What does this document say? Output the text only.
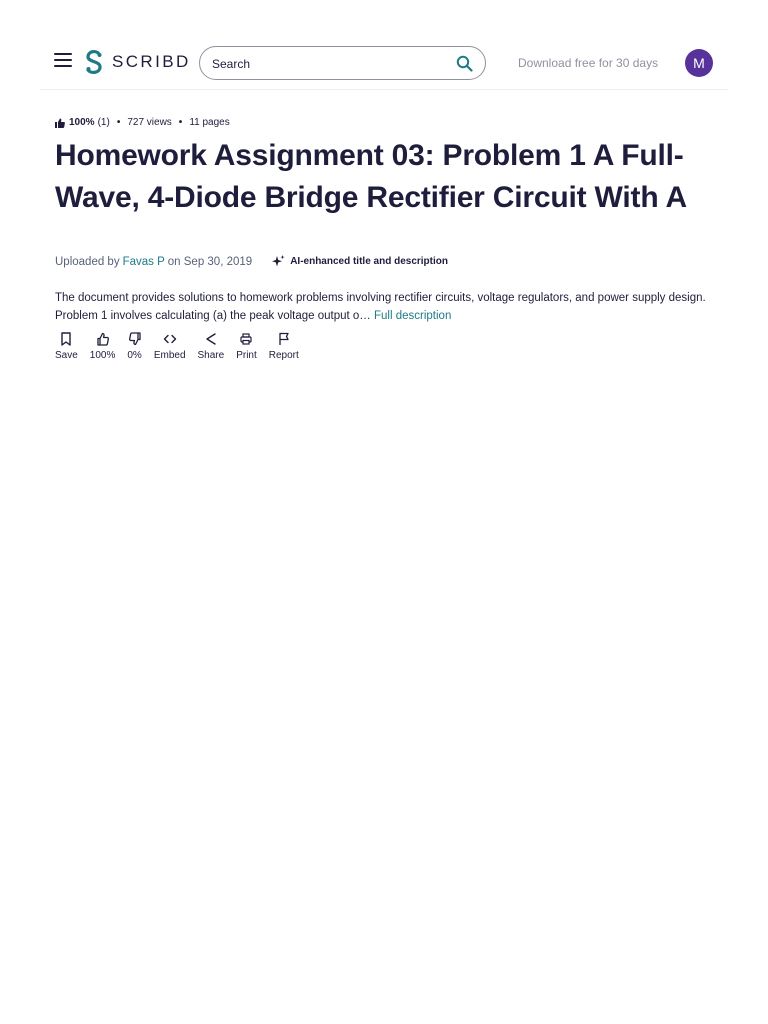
SCRIBD
Search	Download free for 30 days	M
100% (1) • 727 views • 11 pages
Homework Assignment 03: Problem 1 A Full-Wave, 4-Diode Bridge Rectifier Circuit With A
Uploaded by Favas P on Sep 30, 2019	AI-enhanced title and description

The document provides solutions to homework problems involving rectifier circuits, voltage regulators, and power supply design. Problem 1 involves calculating (a) the peak voltage output o… Full description

Save 100% 0% Embed Share Print Report
